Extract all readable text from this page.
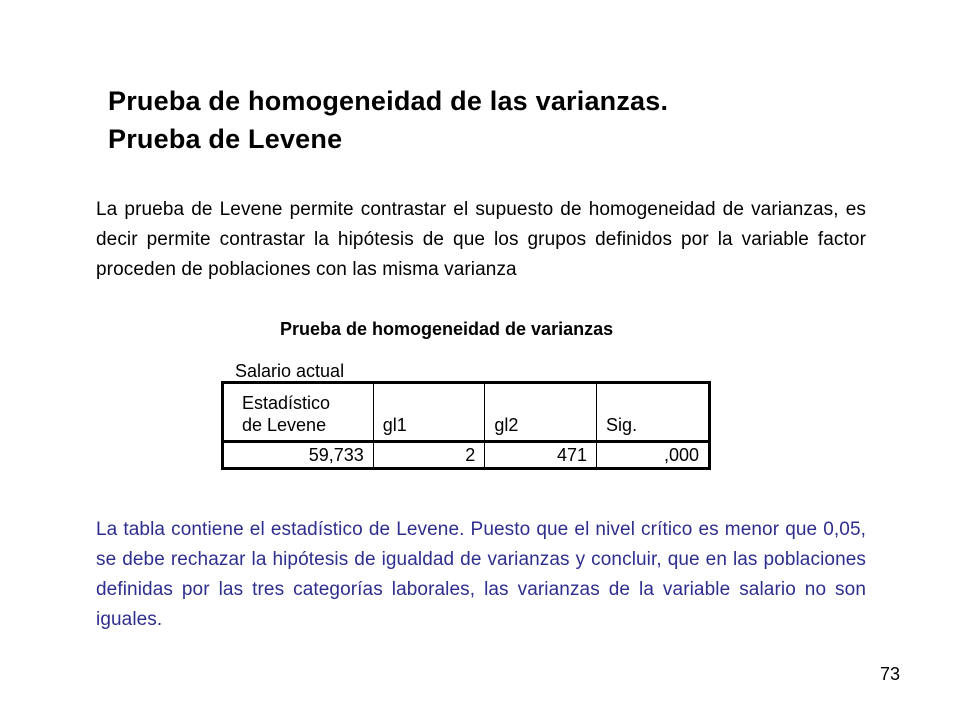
Prueba de homogeneidad de las varianzas.
Prueba de Levene

La prueba de Levene permite contrastar el supuesto de homogeneidad de varianzas, es decir permite contrastar la hipótesis de que los grupos definidos por la variable factor proceden de poblaciones con las misma varianza

Prueba de homogeneidad de varianzas

Salario actual

Estadístico
de Levene	gl1	gl2	Sig.
59,733	2	471	,000

La tabla contiene el estadístico de Levene. Puesto que el nivel crítico es menor que 0,05, se debe rechazar la hipótesis de igualdad de varianzas y concluir, que en las poblaciones definidas por las tres categorías laborales, las varianzas de la variable salario no son iguales.

73
